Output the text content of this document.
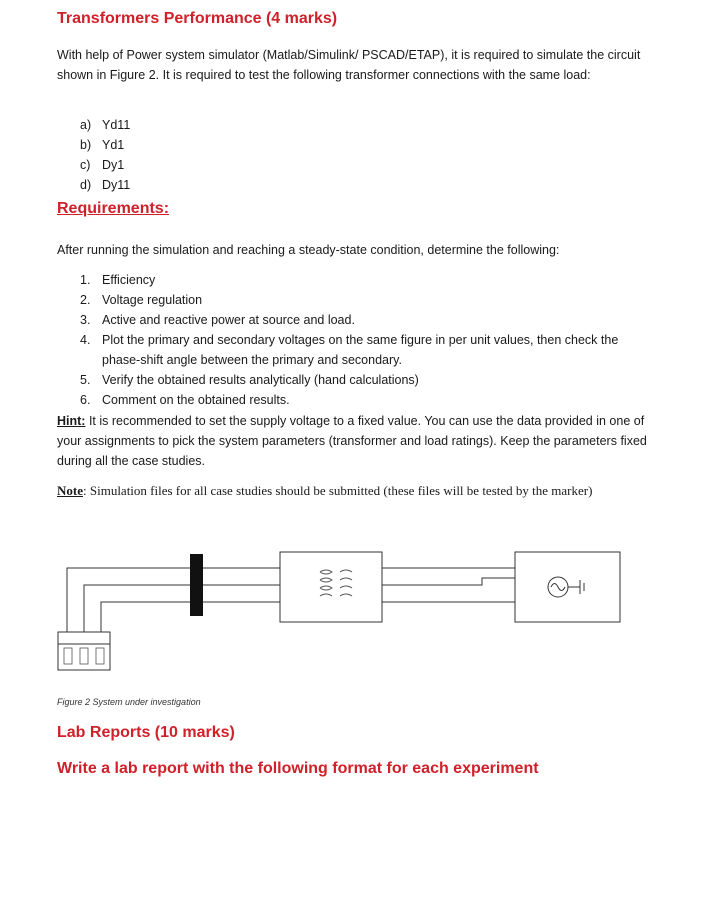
Transformers Performance (4 marks)
With help of Power system simulator (Matlab/Simulink/ PSCAD/ETAP), it is required to simulate the circuit shown in Figure 2. It is required to test the following transformer connections with the same load:
a) Yd11
b) Yd1
c) Dy1
d) Dy11
Requirements:
After running the simulation and reaching a steady-state condition, determine the following:
1. Efficiency
2. Voltage regulation
3. Active and reactive power at source and load.
4. Plot the primary and secondary voltages on the same figure in per unit values, then check the phase-shift angle between the primary and secondary.
5. Verify the obtained results analytically (hand calculations)
6. Comment on the obtained results.
Hint: It is recommended to set the supply voltage to a fixed value. You can use the data provided in one of your assignments to pick the system parameters (transformer and load ratings). Keep the parameters fixed during all the case studies.
Note: Simulation files for all case studies should be submitted (these files will be tested by the marker)
Figure 2 System under investigation
Lab Reports (10 marks)
Write a lab report with the following format for each experiment
